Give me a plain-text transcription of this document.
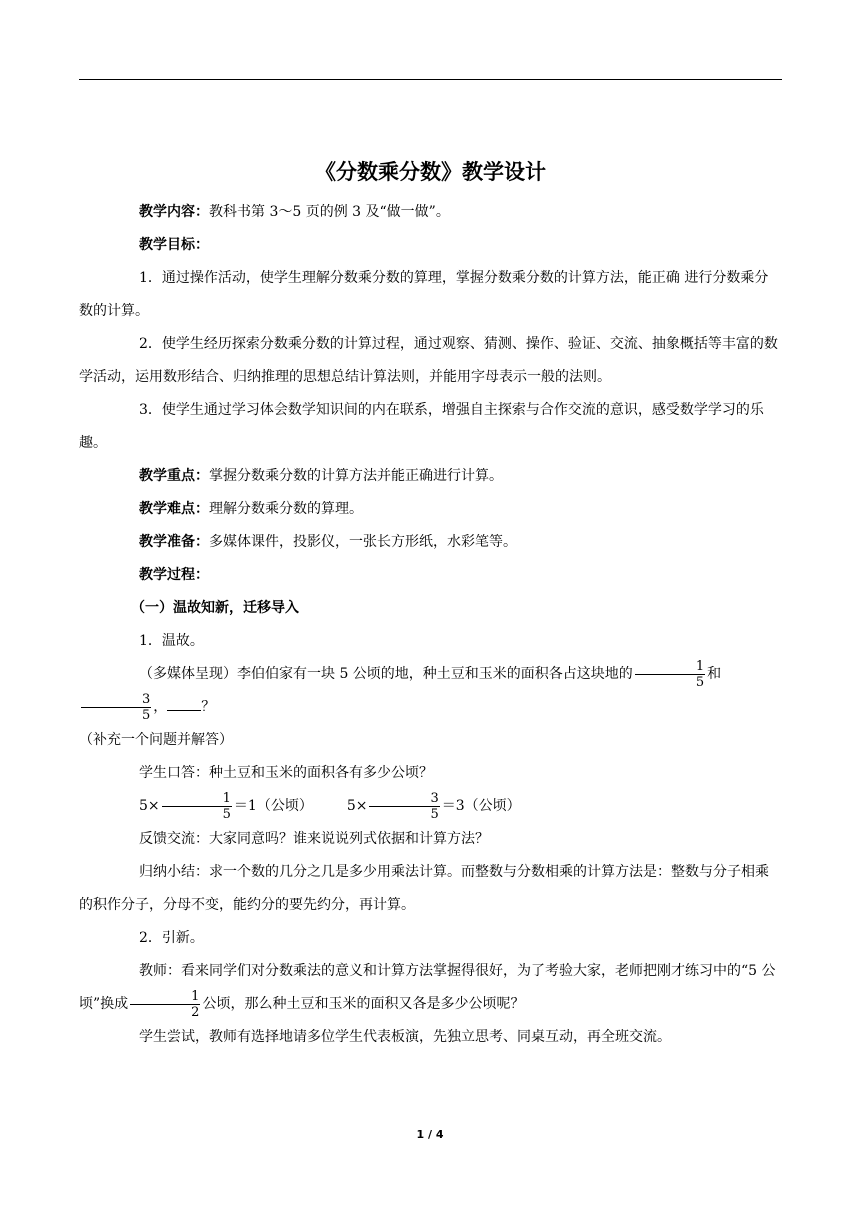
《分数乘分数》教学设计

教学内容：教科书第 3～5 页的例 3 及“做一做”。

教学目标：

1．通过操作活动，使学生理解分数乘分数的算理，掌握分数乘分数的计算方法，能正确 进行分数乘分数的计算。

2．使学生经历探索分数乘分数的计算过程，通过观察、猜测、操作、验证、交流、抽象概括等丰富的数学活动，运用数形结合、归纳推理的思想总结计算法则，并能用字母表示一般的法则。

3．使学生通过学习体会数学知识间的内在联系，增强自主探索与合作交流的意识，感受数学学习的乐趣。

教学重点：掌握分数乘分数的计算方法并能正确进行计算。

教学难点：理解分数乘分数的算理。

教学准备：多媒体课件，投影仪，一张长方形纸，水彩笔等。

教学过程：

（一）温故知新，迁移导入

1．温故。

（多媒体呈现）李伯伯家有一块 5 公顷的地，种土豆和玉米的面积各占这块地的 $\frac{1}{5}$ 和
$\frac{3}{5}$ ， ？
（补充一个问题并解答）

学生口答：种土豆和玉米的面积各有多少公顷？

$5\times \frac{1}{5} =1$（公顷） $5\times \frac{3}{5} =3$（公顷）

反馈交流：大家同意吗？谁来说说列式依据和计算方法？

归纳小结：求一个数的几分之几是多少用乘法计算。而整数与分数相乘的计算方法是：整数与分子相乘的积作分子，分母不变，能约分的要先约分，再计算。

2．引新。

教师：看来同学们对分数乘法的意义和计算方法掌握得很好，为了考验大家，老师把刚才练习中的“5 公顷”换成 $\frac{1}{2}$ 公顷，那么种土豆和玉米的面积又各是多少公顷呢？

学生尝试，教师有选择地请多位学生代表板演，先独立思考、同桌互动，再全班交流。

1 / 4
